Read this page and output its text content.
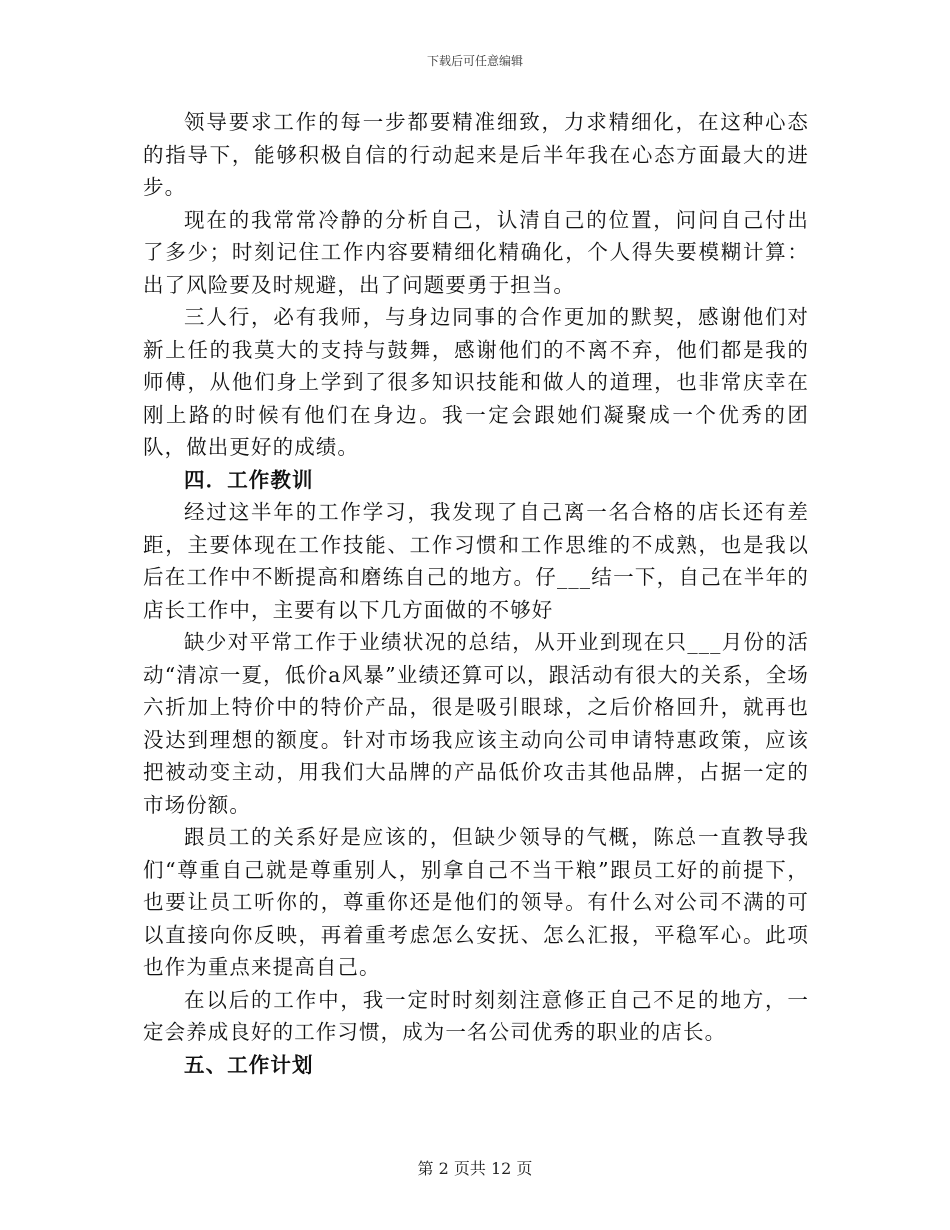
下载后可任意编辑

领导要求工作的每一步都要精准细致，力求精细化，在这种心态的指导下，能够积极自信的行动起来是后半年我在心态方面最大的进步。

现在的我常常冷静的分析自己，认清自己的位置，问问自己付出了多少；时刻记住工作内容要精细化精确化，个人得失要模糊计算：出了风险要及时规避，出了问题要勇于担当。

三人行，必有我师，与身边同事的合作更加的默契，感谢他们对新上任的我莫大的支持与鼓舞，感谢他们的不离不弃，他们都是我的师傅，从他们身上学到了很多知识技能和做人的道理，也非常庆幸在刚上路的时候有他们在身边。我一定会跟她们凝聚成一个优秀的团队，做出更好的成绩。

四．工作教训

经过这半年的工作学习，我发现了自己离一名合格的店长还有差距，主要体现在工作技能、工作习惯和工作思维的不成熟，也是我以后在工作中不断提高和磨练自己的地方。仔___结一下，自己在半年的店长工作中，主要有以下几方面做的不够好

缺少对平常工作于业绩状况的总结，从开业到现在只___月份的活动“清凉一夏，低价a风暴”业绩还算可以，跟活动有很大的关系，全场六折加上特价中的特价产品，很是吸引眼球，之后价格回升，就再也没达到理想的额度。针对市场我应该主动向公司申请特惠政策，应该把被动变主动，用我们大品牌的产品低价攻击其他品牌，占据一定的市场份额。

跟员工的关系好是应该的，但缺少领导的气概，陈总一直教导我们“尊重自己就是尊重别人，别拿自己不当干粮”跟员工好的前提下，也要让员工听你的，尊重你还是他们的领导。有什么对公司不满的可以直接向你反映，再着重考虑怎么安抚、怎么汇报，平稳军心。此项也作为重点来提高自己。

在以后的工作中，我一定时时刻刻注意修正自己不足的地方，一定会养成良好的工作习惯，成为一名公司优秀的职业的店长。

五、工作计划

第 2 页共 12 页
